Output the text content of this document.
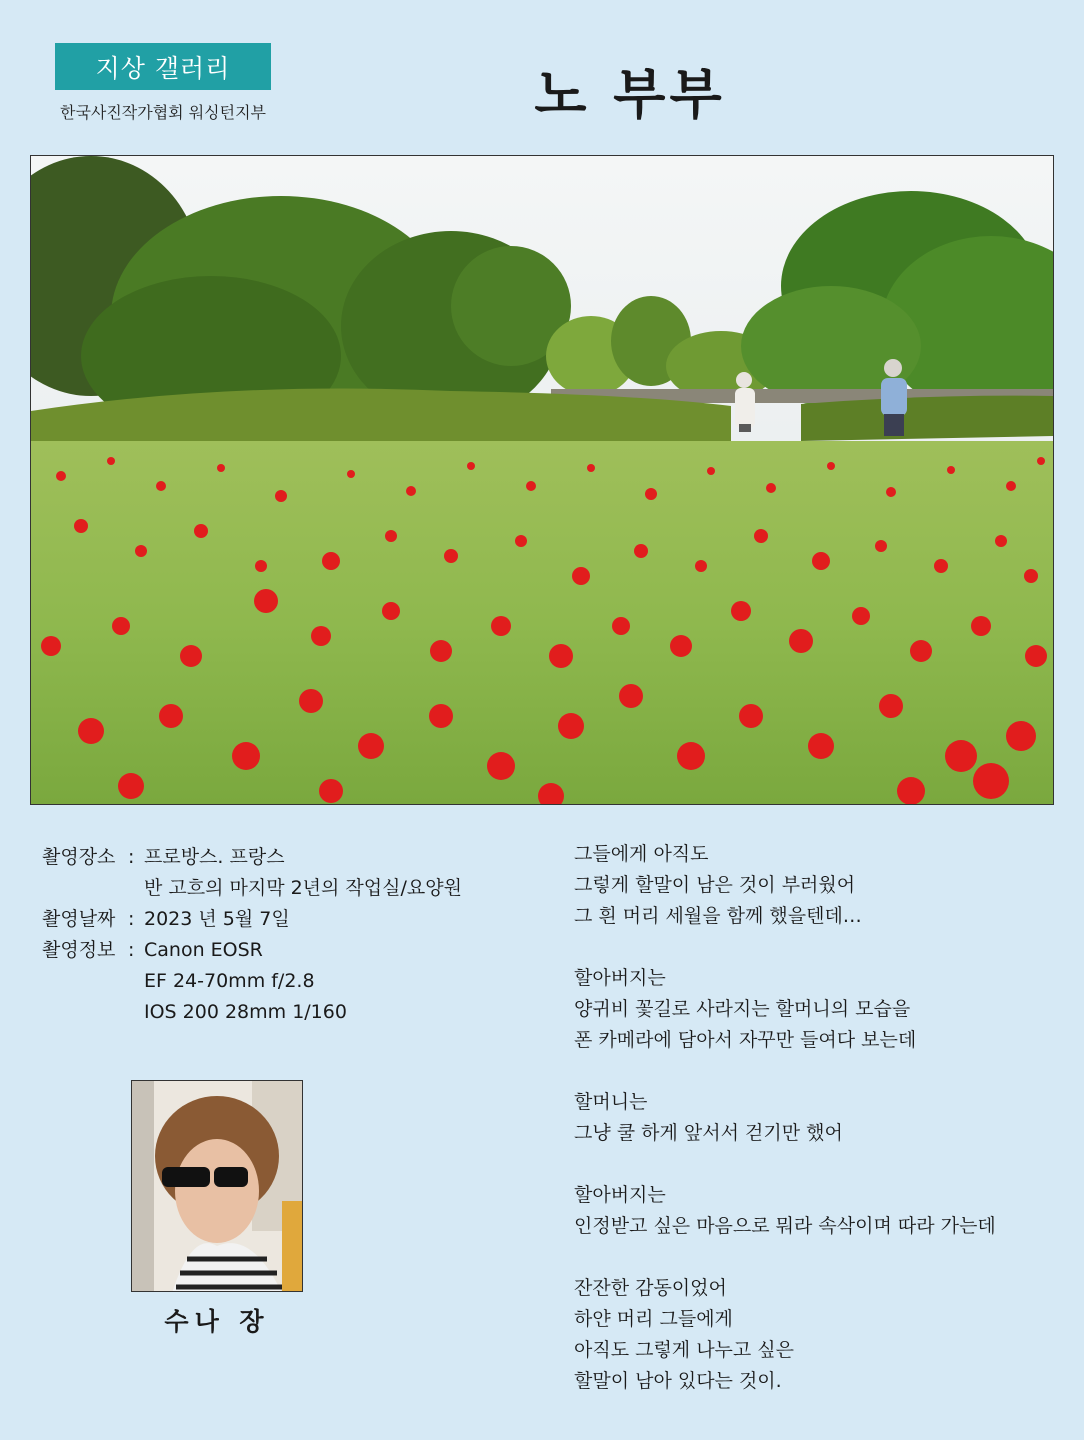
지상 갤러리
한국사진작가협회 워싱턴지부	노 부부
촬영장소 : 프로방스. 프랑스
반 고흐의 마지막 2년의 작업실/요양원
촬영날짜 : 2023 년 5월 7일
촬영정보 : Canon EOSR
EF 24-70mm f/2.8
IOS 200 28mm 1/160
수나 장
그들에게 아직도
그렇게 할말이 남은 것이 부러웠어
그 흰 머리 세월을 함께 했을텐데…
할아버지는
양귀비 꽃길로 사라지는 할머니의 모습을
폰 카메라에 담아서 자꾸만 들여다 보는데
할머니는
그냥 쿨 하게 앞서서 걷기만 했어
할아버지는
인정받고 싶은 마음으로 뭐라 속삭이며 따라 가는데
잔잔한 감동이었어
하얀 머리 그들에게
아직도 그렇게 나누고 싶은
할말이 남아 있다는 것이.
